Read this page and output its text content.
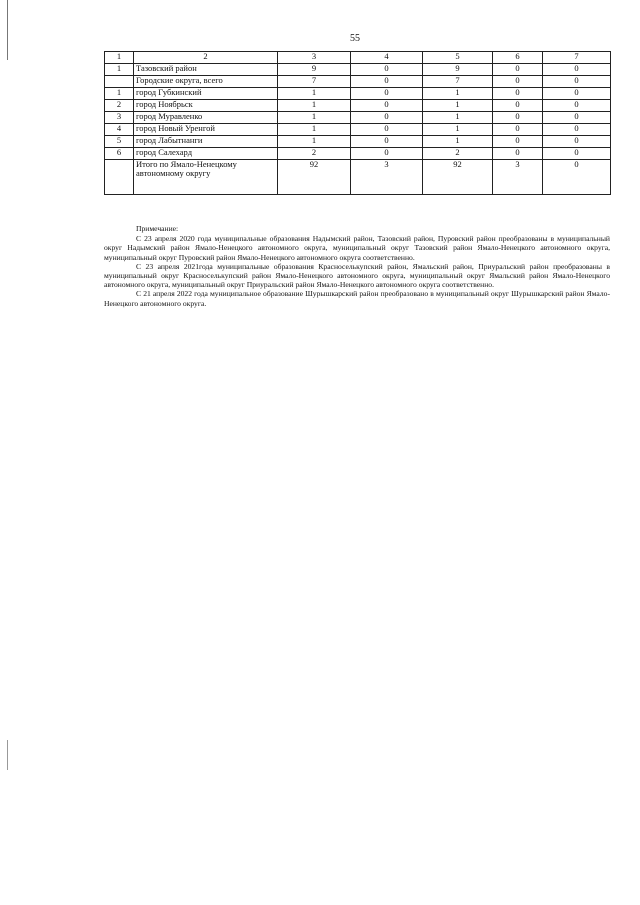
55
1	2	3	4	5	6	7
1	Тазовский район	9	0	9	0	0
	Городские округа, всего	7	0	7	0	0
1	город Губкинский	1	0	1	0	0
2	город Ноябрьск	1	0	1	0	0
3	город Муравленко	1	0	1	0	0
4	город Новый Уренгой	1	0	1	0	0
5	город Лабытнанги	1	0	1	0	0
6	город Салехард	2	0	2	0	0
	Итого по Ямало-Ненецкому автономному округу	92	3	92	3	0
Примечание:

С 23 апреля 2020 года муниципальные образования Надымский район, Тазовский район, Пуровский район преобразованы в муниципальный округ Надымский район Ямало-Ненецкого автономного округа, муниципальный округ Тазовский район Ямало-Ненецкого автономного округа, муниципальный округ Пуровский район Ямало-Ненецкого автономного округа соответственно.

С 23 апреля 2021года муниципальные образования Красноселькупский район, Ямальский район, Приуральский район преобразованы в муниципальный округ Красноселькупский район Ямало-Ненецкого автономного округа, муниципальный округ Ямальский район Ямало-Ненецкого автономного округа, муниципальный округ Приуральский район Ямало-Ненецкого автономного округа соответственно.

С 21 апреля 2022 года муниципальное образование Шурышкарский район преобразовано в муниципальный округ Шурышкарский район Ямало-Ненецкого автономного округа.
